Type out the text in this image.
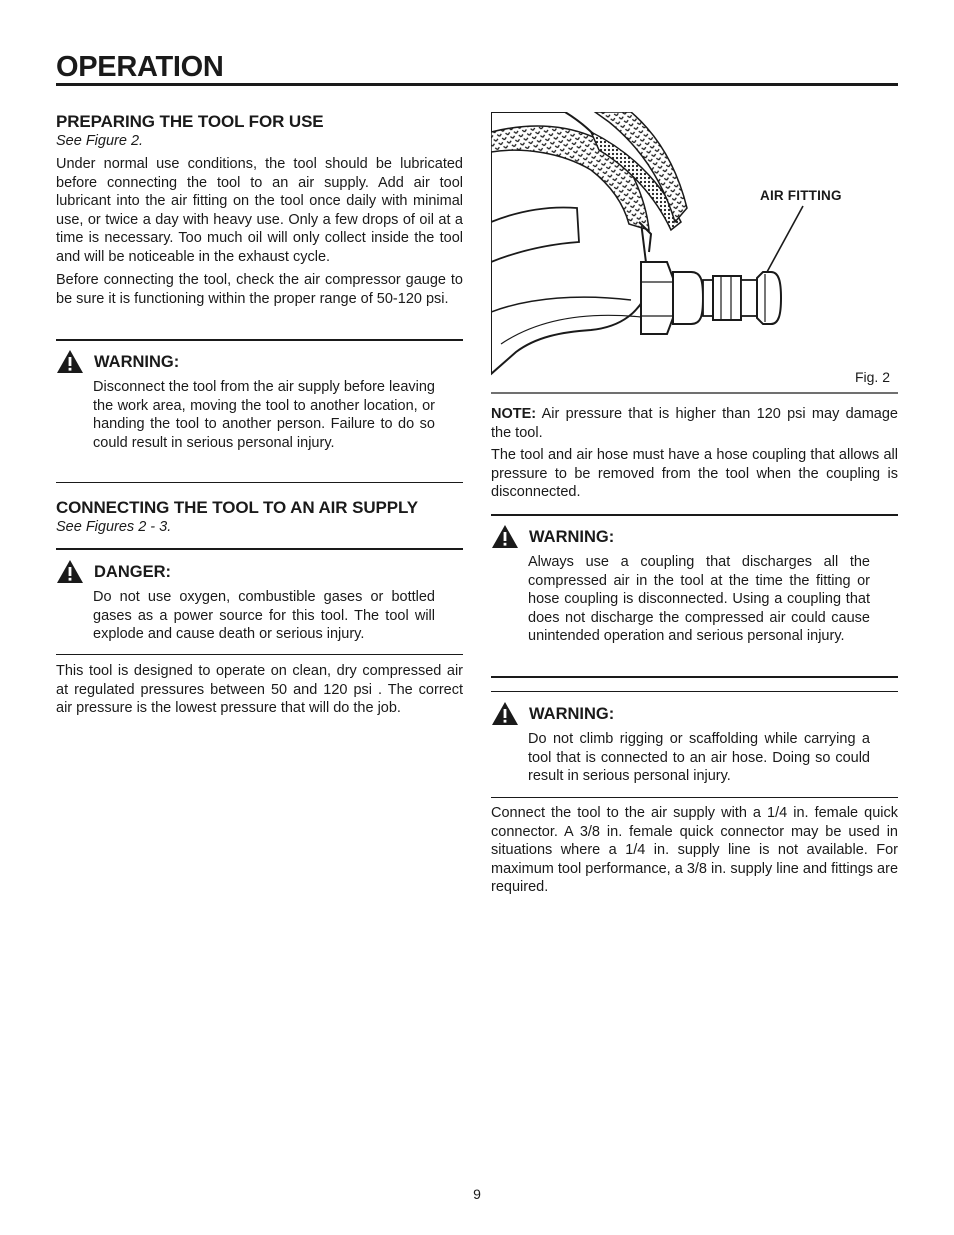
OPERATION
PREPARING THE TOOL FOR USE

See Figure 2.

Under normal use conditions, the tool should be lubricated before connecting the tool to an air supply. Add air tool lubricant into the air fitting on the tool once daily with minimal use, or twice a day with heavy use. Only a few drops of oil at a time is necessary. Too much oil will only collect inside the tool and will be noticeable in the exhaust cycle.

Before connecting the tool, check the air compressor gauge to be sure it is functioning within the proper range of 50-120 psi.

WARNING:

Disconnect the tool from the air supply before leaving the work area, moving the tool to another location, or handing the tool to another person. Failure to do so could result in serious personal injury.

CONNECTING THE TOOL TO AN AIR SUPPLY

See Figures 2 - 3.

DANGER:

Do not use oxygen, combustible gases or bottled gases as a power source for this tool. The tool will explode and cause death or serious injury.

This tool is designed to operate on clean, dry compressed air at regulated pressures between 50 and 120 psi . The correct air pressure is the lowest pressure that will do the job.

AIR FITTING
Fig. 2

NOTE: Air pressure that is higher than 120 psi may damage the tool.

The tool and air hose must have a hose coupling that allows all pressure to be removed from the tool when the coupling is disconnected.

WARNING:

Always use a coupling that discharges all the compressed air in the tool at the time the fitting or hose coupling is disconnected. Using a coupling that does not discharge the compressed air could cause unintended operation and serious personal injury.

WARNING:

Do not climb rigging or scaffolding while carrying a tool that is connected to an air hose. Doing so could result in serious personal injury.

Connect the tool to the air supply with a 1/4 in. female quick connector. A 3/8 in. female quick connector may be used in situations where a 1/4 in. supply line is not available. For maximum tool performance, a 3/8 in. supply line and fittings are required.

9
